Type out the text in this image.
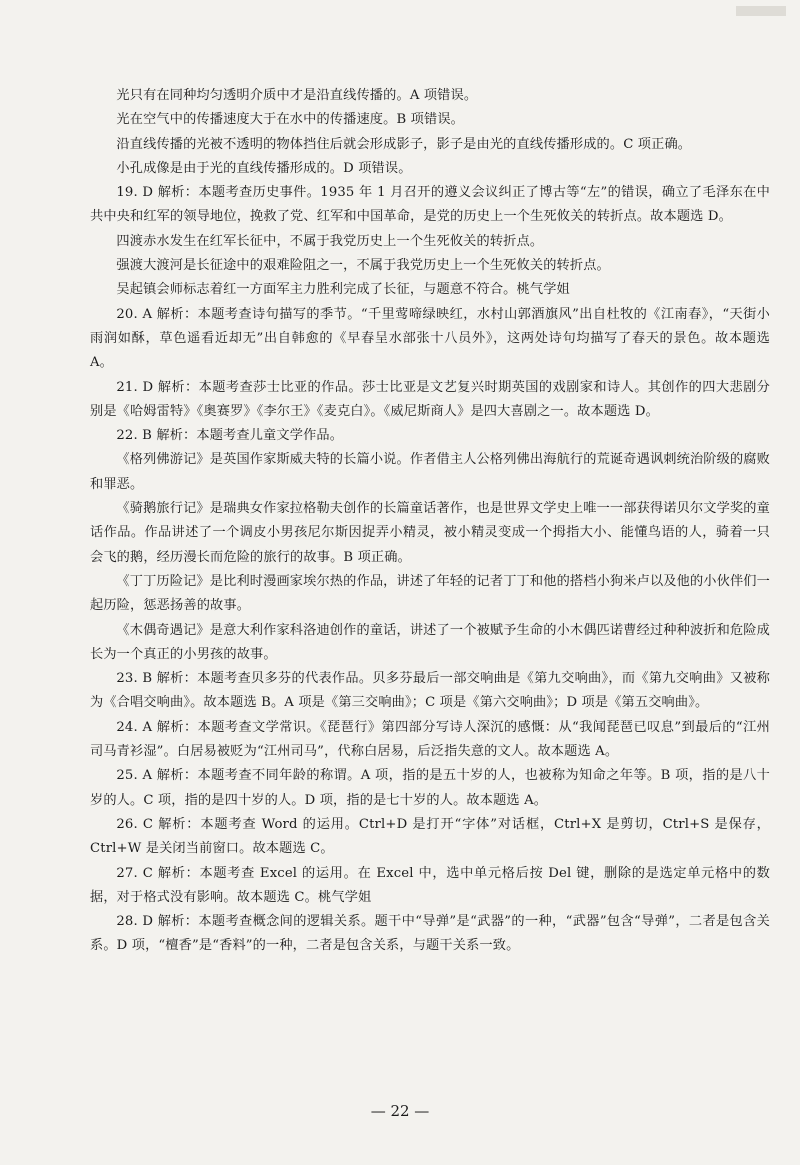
光只有在同种均匀透明介质中才是沿直线传播的。A 项错误。

光在空气中的传播速度大于在水中的传播速度。B 项错误。

沿直线传播的光被不透明的物体挡住后就会形成影子，影子是由光的直线传播形成的。C 项正确。

小孔成像是由于光的直线传播形成的。D 项错误。

19. D 解析：本题考查历史事件。1935 年 1 月召开的遵义会议纠正了博古等“左”的错误，确立了毛泽东在中共中央和红军的领导地位，挽救了党、红军和中国革命，是党的历史上一个生死攸关的转折点。故本题选 D。

四渡赤水发生在红军长征中，不属于我党历史上一个生死攸关的转折点。

强渡大渡河是长征途中的艰难险阻之一，不属于我党历史上一个生死攸关的转折点。

吴起镇会师标志着红一方面军主力胜利完成了长征，与题意不符合。桃气学姐

20. A 解析：本题考查诗句描写的季节。“千里莺啼绿映红，水村山郭酒旗风”出自杜牧的《江南春》，“天街小雨润如酥，草色遥看近却无”出自韩愈的《早春呈水部张十八员外》，这两处诗句均描写了春天的景色。故本题选 A。

21. D 解析：本题考查莎士比亚的作品。莎士比亚是文艺复兴时期英国的戏剧家和诗人。其创作的四大悲剧分别是《哈姆雷特》《奥赛罗》《李尔王》《麦克白》。《威尼斯商人》是四大喜剧之一。故本题选 D。

22. B 解析：本题考查儿童文学作品。

《格列佛游记》是英国作家斯威夫特的长篇小说。作者借主人公格列佛出海航行的荒诞奇遇讽刺统治阶级的腐败和罪恶。

《骑鹅旅行记》是瑞典女作家拉格勒夫创作的长篇童话著作，也是世界文学史上唯一一部获得诺贝尔文学奖的童话作品。作品讲述了一个调皮小男孩尼尔斯因捉弄小精灵，被小精灵变成一个拇指大小、能懂鸟语的人，骑着一只会飞的鹅，经历漫长而危险的旅行的故事。B 项正确。

《丁丁历险记》是比利时漫画家埃尔热的作品，讲述了年轻的记者丁丁和他的搭档小狗米卢以及他的小伙伴们一起历险，惩恶扬善的故事。

《木偶奇遇记》是意大利作家科洛迪创作的童话，讲述了一个被赋予生命的小木偶匹诺曹经过种种波折和危险成长为一个真正的小男孩的故事。

23. B 解析：本题考查贝多芬的代表作品。贝多芬最后一部交响曲是《第九交响曲》，而《第九交响曲》又被称为《合唱交响曲》。故本题选 B。A 项是《第三交响曲》；C 项是《第六交响曲》；D 项是《第五交响曲》。

24. A 解析：本题考查文学常识。《琵琶行》第四部分写诗人深沉的感慨：从“我闻琵琶已叹息”到最后的“江州司马青衫湿”。白居易被贬为“江州司马”，代称白居易，后泛指失意的文人。故本题选 A。

25. A 解析：本题考查不同年龄的称谓。A 项，指的是五十岁的人，也被称为知命之年等。B 项，指的是八十岁的人。C 项，指的是四十岁的人。D 项，指的是七十岁的人。故本题选 A。

26. C 解析：本题考查 Word 的运用。Ctrl+D 是打开“字体”对话框，Ctrl+X 是剪切，Ctrl+S 是保存，Ctrl+W 是关闭当前窗口。故本题选 C。

27. C 解析：本题考查 Excel 的运用。在 Excel 中，选中单元格后按 Del 键，删除的是选定单元格中的数据，对于格式没有影响。故本题选 C。桃气学姐

28. D 解析：本题考查概念间的逻辑关系。题干中“导弹”是“武器”的一种，“武器”包含“导弹”，二者是包含关系。D 项，“檀香”是“香料”的一种，二者是包含关系，与题干关系一致。

— 22 —
